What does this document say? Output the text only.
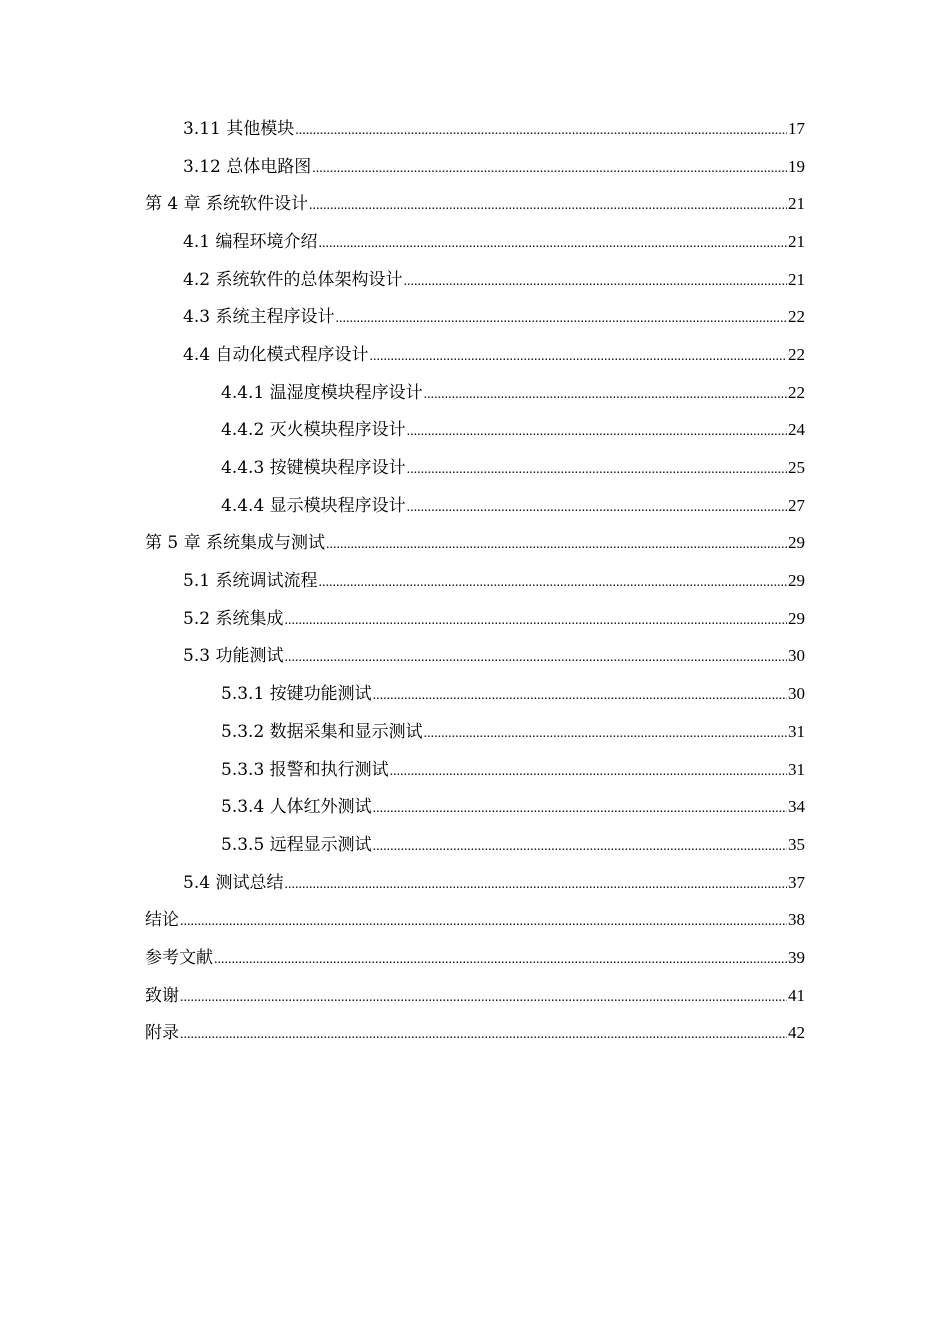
3.11 其他模块 .....	17
3.12 总体电路图 .....	19
第 4 章 系统软件设计 .....	21
4.1 编程环境介绍 .....	21
4.2 系统软件的总体架构设计 .....	21
4.3 系统主程序设计 .....	22
4.4 自动化模式程序设计 .....	22
4.4.1 温湿度模块程序设计 .....	22
4.4.2 灭火模块程序设计 .....	24
4.4.3 按键模块程序设计 .....	25
4.4.4 显示模块程序设计 .....	27
第 5 章 系统集成与测试 .....	29
5.1 系统调试流程 .....	29
5.2 系统集成 .....	29
5.3 功能测试 .....	30
5.3.1 按键功能测试 .....	30
5.3.2 数据采集和显示测试 .....	31
5.3.3 报警和执行测试 .....	31
5.3.4 人体红外测试 .....	34
5.3.5 远程显示测试 .....	35
5.4 测试总结 .....	37
结论 .....	38
参考文献 .....	39
致谢 .....	41
附录 .....	42
